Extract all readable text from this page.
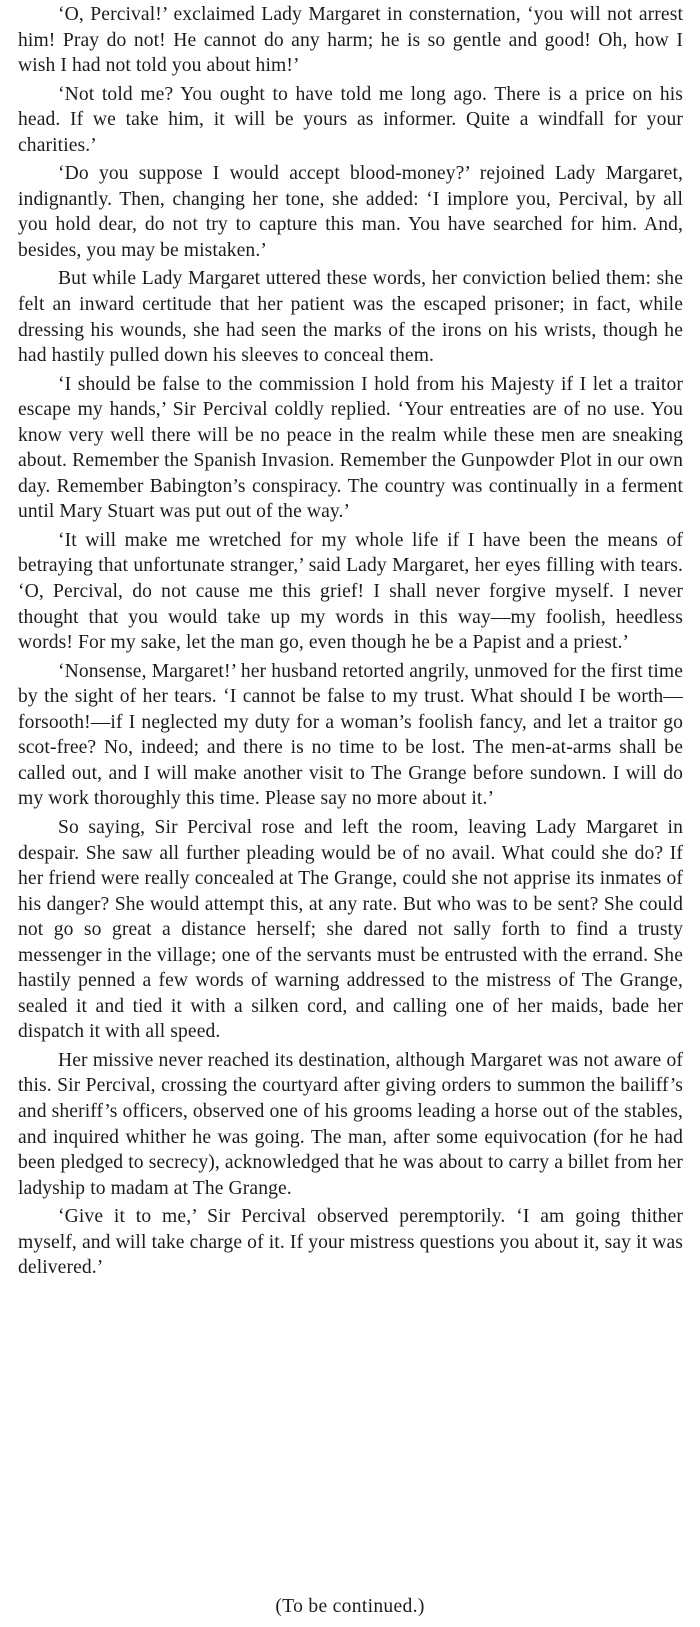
‘O, Percival!’ exclaimed Lady Margaret in consternation, ‘you will not arrest him! Pray do not! He cannot do any harm; he is so gentle and good! Oh, how I wish I had not told you about him!’

‘Not told me? You ought to have told me long ago. There is a price on his head. If we take him, it will be yours as informer. Quite a windfall for your charities.’

‘Do you suppose I would accept blood-money?’ rejoined Lady Margaret, indignantly. Then, changing her tone, she added: ‘I implore you, Percival, by all you hold dear, do not try to capture this man. You have searched for him. And, besides, you may be mistaken.’

But while Lady Margaret uttered these words, her conviction belied them: she felt an inward certitude that her patient was the escaped prisoner; in fact, while dressing his wounds, she had seen the marks of the irons on his wrists, though he had hastily pulled down his sleeves to conceal them.

‘I should be false to the commission I hold from his Majesty if I let a traitor escape my hands,’ Sir Percival coldly replied. ‘Your entreaties are of no use. You know very well there will be no peace in the realm while these men are sneaking about. Remember the Spanish Invasion. Remember the Gunpowder Plot in our own day. Remember Babington’s conspiracy. The country was continually in a ferment until Mary Stuart was put out of the way.’

‘It will make me wretched for my whole life if I have been the means of betraying that unfortunate stranger,’ said Lady Margaret, her eyes filling with tears. ‘O, Percival, do not cause me this grief! I shall never forgive myself. I never thought that you would take up my words in this way—my foolish, heedless words! For my sake, let the man go, even though he be a Papist and a priest.’

‘Nonsense, Margaret!’ her husband retorted angrily, unmoved for the first time by the sight of her tears. ‘I cannot be false to my trust. What should I be worth—forsooth!—if I neglected my duty for a woman’s foolish fancy, and let a traitor go scot-free? No, indeed; and there is no time to be lost. The men-at-arms shall be called out, and I will make another visit to The Grange before sundown. I will do my work thoroughly this time. Please say no more about it.’

So saying, Sir Percival rose and left the room, leaving Lady Margaret in despair. She saw all further pleading would be of no avail. What could she do? If her friend were really concealed at The Grange, could she not apprise its inmates of his danger? She would attempt this, at any rate. But who was to be sent? She could not go so great a distance herself; she dared not sally forth to find a trusty messenger in the village; one of the servants must be entrusted with the errand. She hastily penned a few words of warning addressed to the mistress of The Grange, sealed it and tied it with a silken cord, and calling one of her maids, bade her dispatch it with all speed.

Her missive never reached its destination, although Margaret was not aware of this. Sir Percival, crossing the courtyard after giving orders to summon the bailiff’s and sheriff’s officers, observed one of his grooms leading a horse out of the stables, and inquired whither he was going. The man, after some equivocation (for he had been pledged to secrecy), acknowledged that he was about to carry a billet from her ladyship to madam at The Grange.

‘Give it to me,’ Sir Percival observed peremptorily. ‘I am going thither myself, and will take charge of it. If your mistress questions you about it, say it was delivered.’

(To be continued.)
